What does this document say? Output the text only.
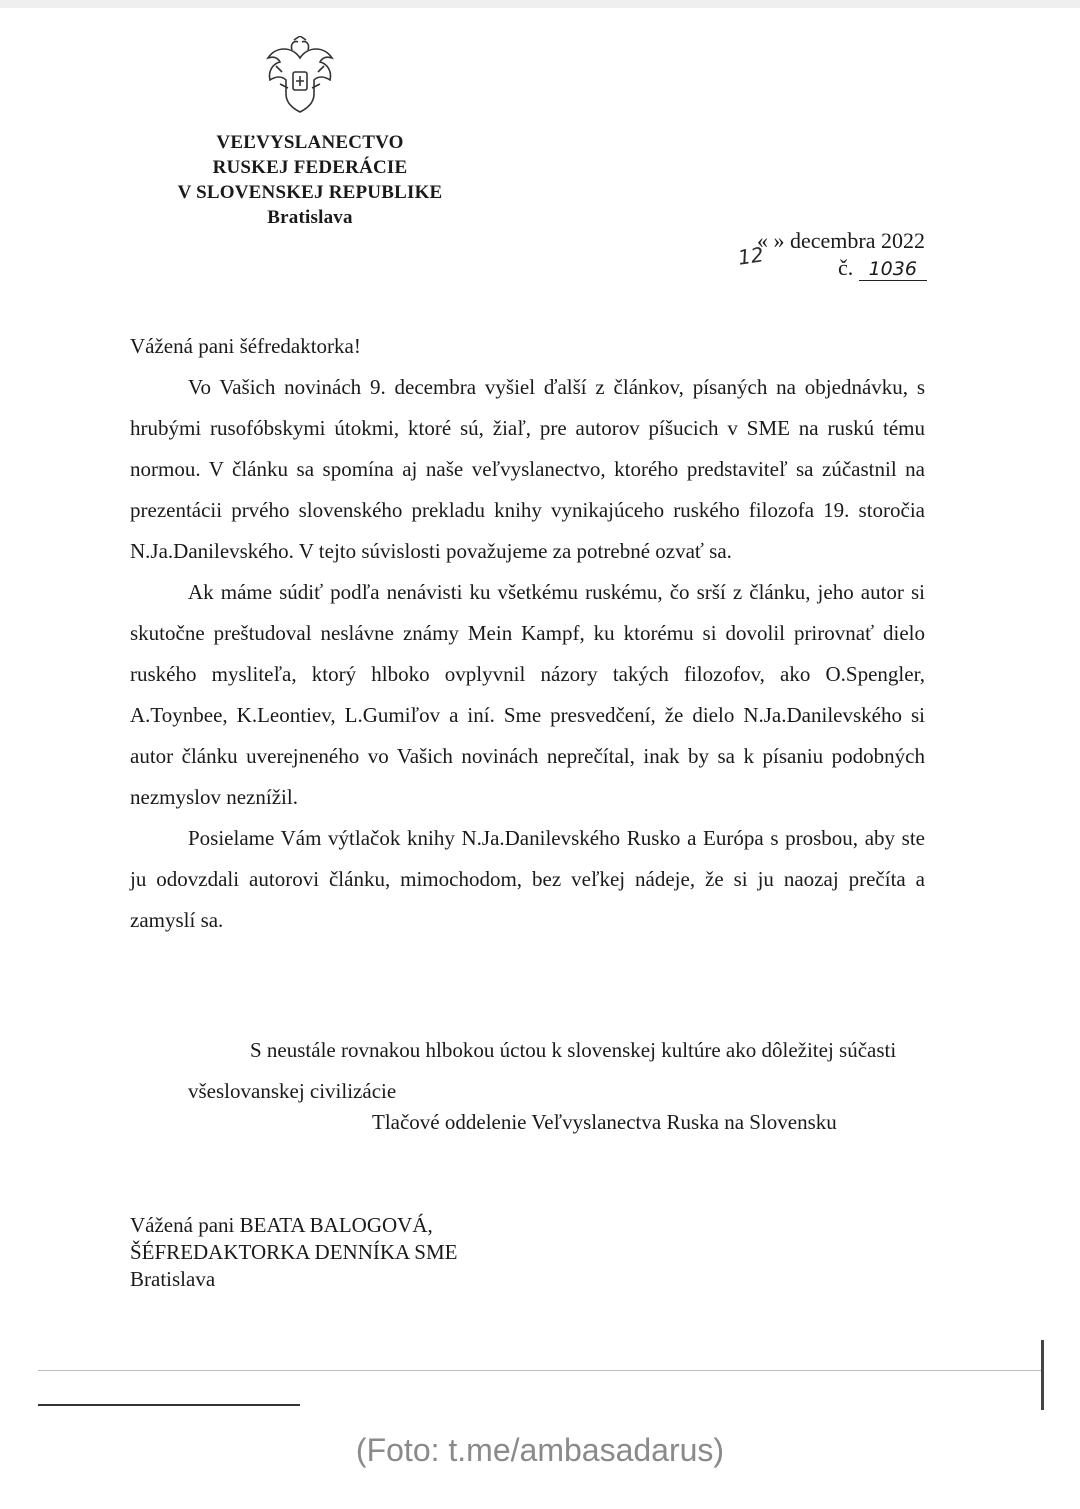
VEĽVYSLANECTVO
RUSKEJ FEDERÁCIE
V SLOVENSKEJ REPUBLIKE
Bratislava
« » decembra 2022
12	č. 1036

Vážená pani šéfredaktorka!

Vo Vašich novinách 9. decembra vyšiel ďalší z článkov, písaných na objednávku, s hrubými rusofóbskymi útokmi, ktoré sú, žiaľ, pre autorov píšucich v SME na ruskú tému normou. V článku sa spomína aj naše veľvyslanectvo, ktorého predstaviteľ sa zúčastnil na prezentácii prvého slovenského prekladu knihy vynikajúceho ruského filozofa 19. storočia N.Ja.Danilevského. V tejto súvislosti považujeme za potrebné ozvať sa.

Ak máme súdiť podľa nenávisti ku všetkému ruskému, čo srší z článku, jeho autor si skutočne preštudoval neslávne známy Mein Kampf, ku ktorému si dovolil prirovnať dielo ruského mysliteľa, ktorý hlboko ovplyvnil názory takých filozofov, ako O.Spengler, A.Toynbee, K.Leontiev, L.Gumiľov a iní. Sme presvedčení, že dielo N.Ja.Danilevského si autor článku uverejneného vo Vašich novinách neprečítal, inak by sa k písaniu podobných nezmyslov neznížil.

Posielame Vám výtlačok knihy N.Ja.Danilevského Rusko a Európa s prosbou, aby ste ju odovzdali autorovi článku, mimochodom, bez veľkej nádeje, že si ju naozaj prečíta a zamyslí sa.

S neustále rovnakou hlbokou úctou k slovenskej kultúre ako dôležitej súčasti všeslovanskej civilizácie

Tlačové oddelenie Veľvyslanectva Ruska na Slovensku
Vážená pani BEATA BALOGOVÁ,
ŠÉFREDAKTORKA DENNÍKA SME
Bratislava
(Foto: t.me/ambasadarus)
